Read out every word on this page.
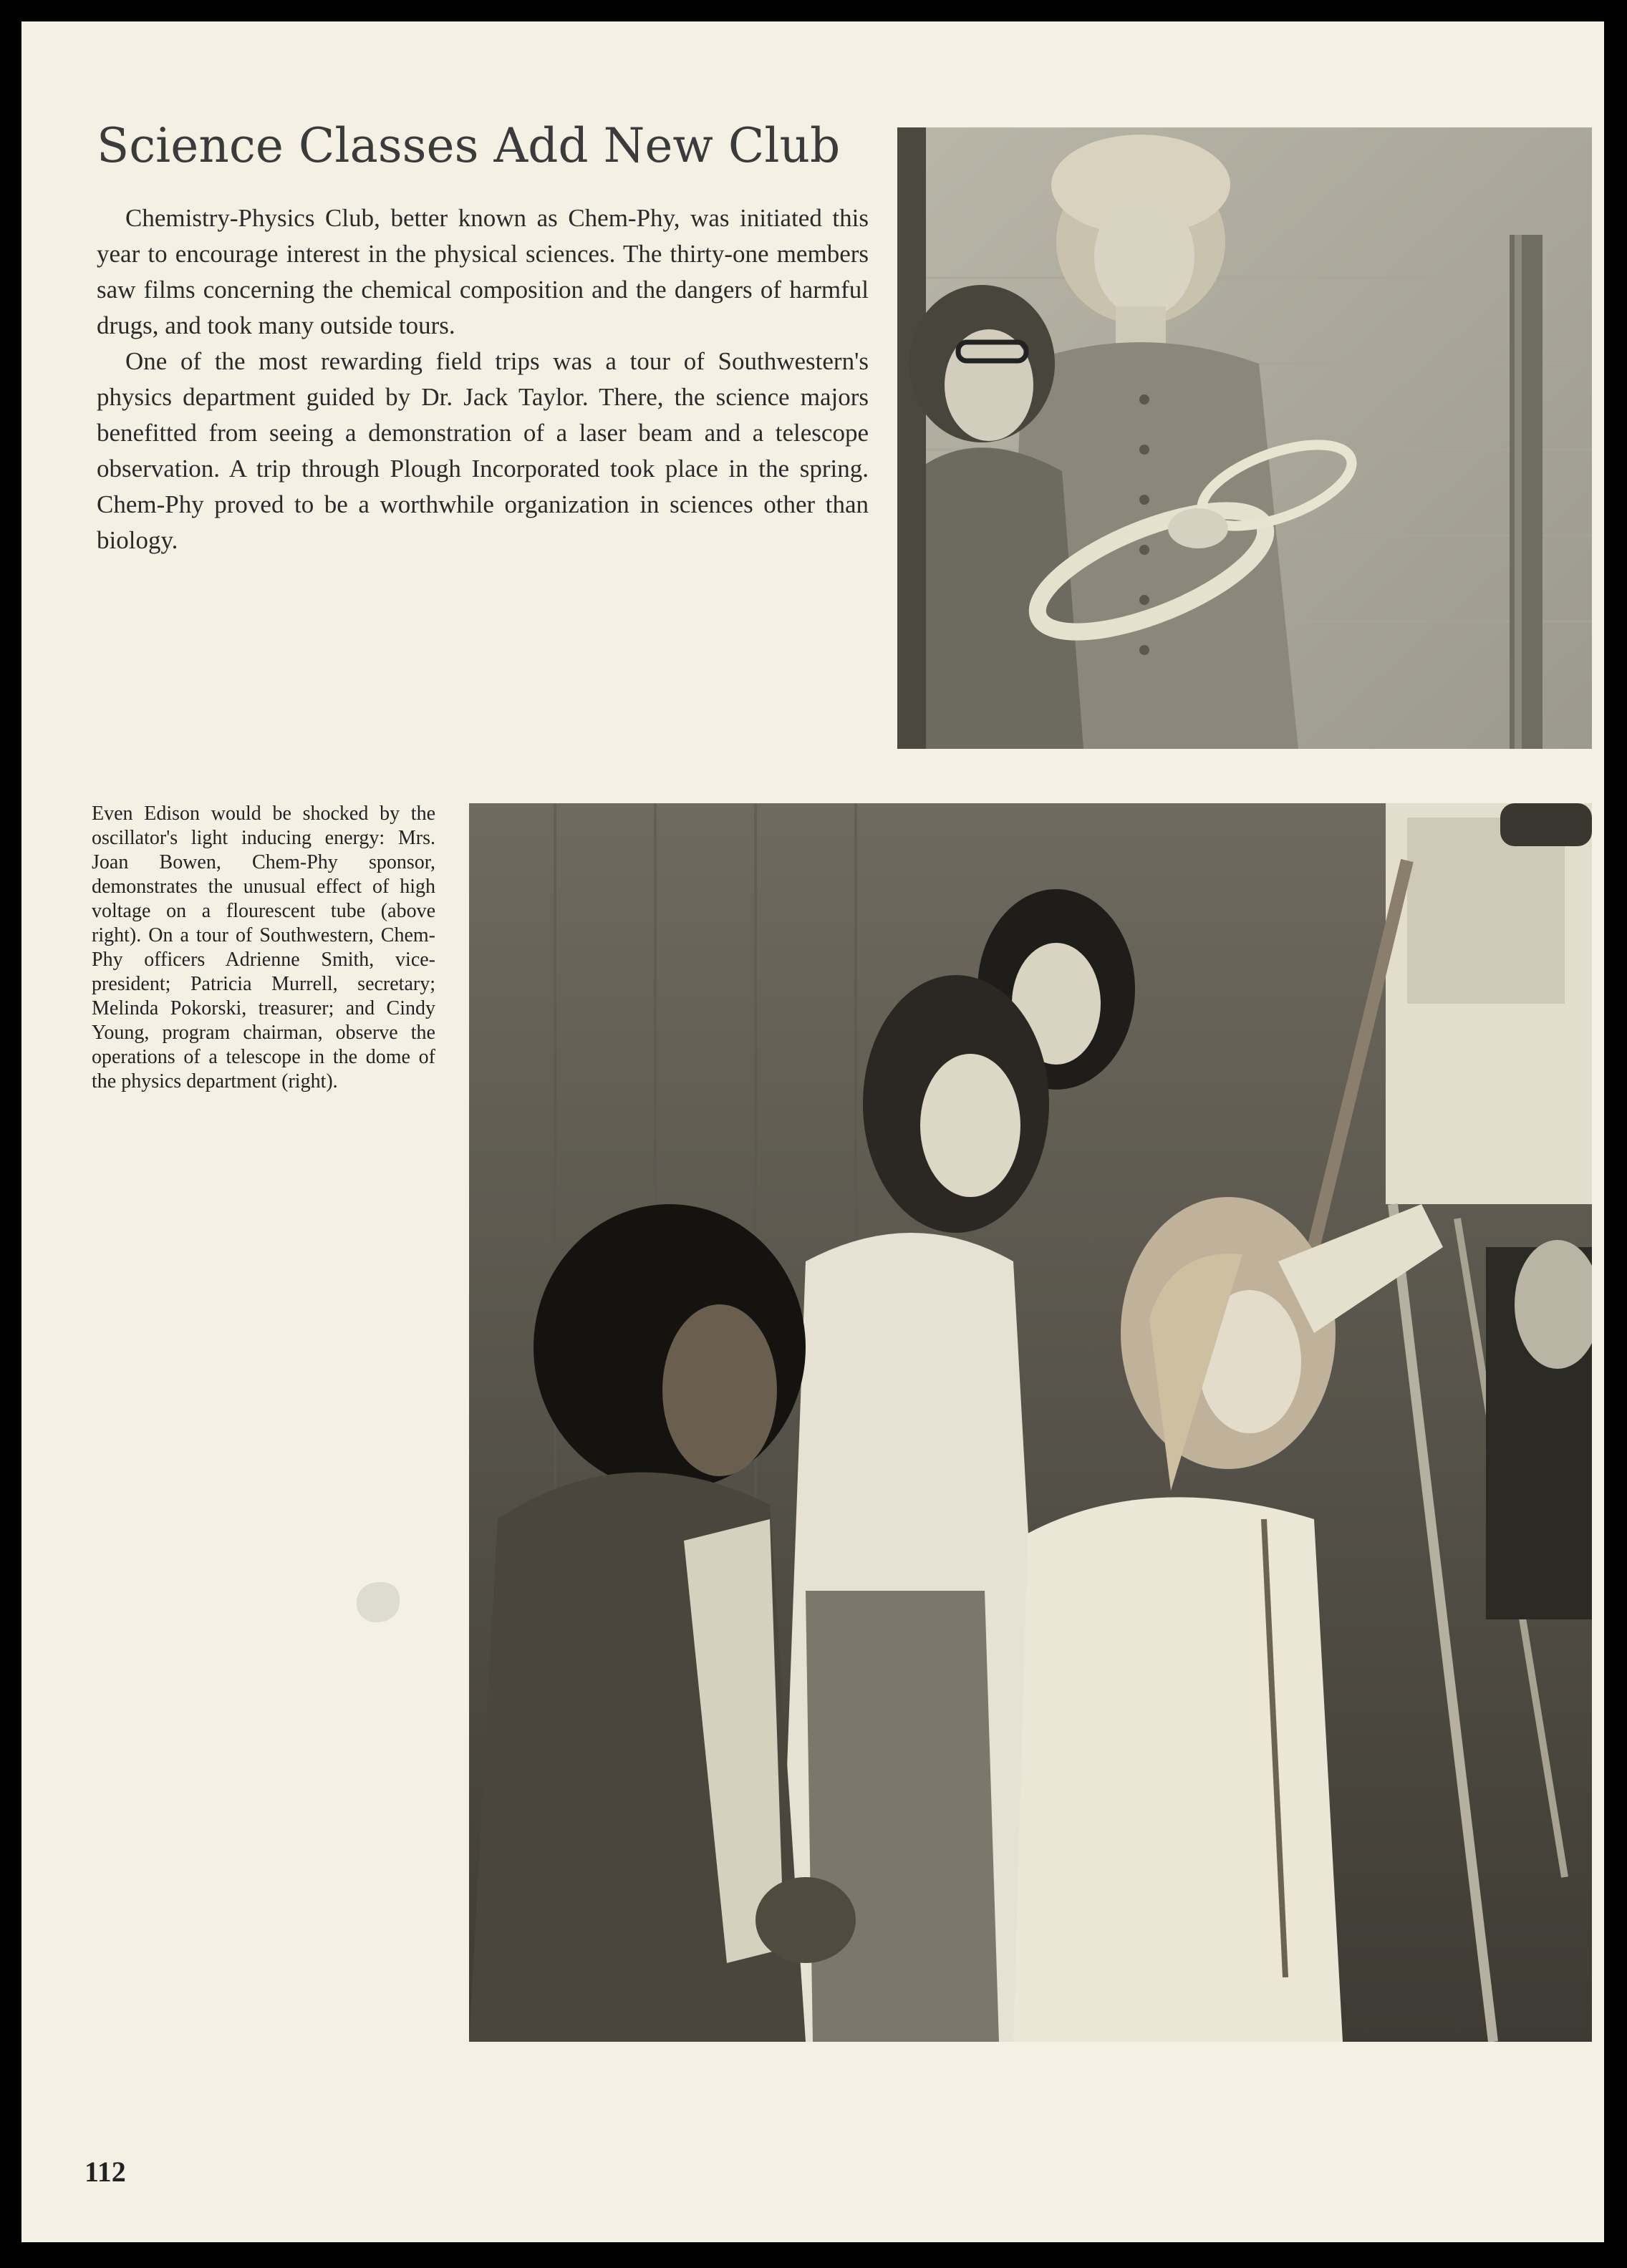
Science Classes Add New Club

Chemistry-Physics Club, better known as Chem-Phy, was initiated this year to encourage interest in the physical sciences. The thirty-one members saw films concerning the chemical composition and the dangers of harmful drugs, and took many outside tours.

One of the most rewarding field trips was a tour of Southwestern's physics department guided by Dr. Jack Taylor. There, the science majors benefitted from seeing a demonstration of a laser beam and a telescope observation. A trip through Plough Incorporated took place in the spring. Chem-Phy proved to be a worthwhile organization in sciences other than biology.

Even Edison would be shocked by the oscillator's light inducing energy: Mrs. Joan Bowen, Chem-Phy sponsor, demonstrates the unusual effect of high voltage on a flourescent tube (above right). On a tour of Southwestern, Chem-Phy officers Adrienne Smith, vice-president; Patricia Murrell, secretary; Melinda Pokorski, treasurer; and Cindy Young, program chairman, observe the operations of a telescope in the dome of the physics department (right).
112
